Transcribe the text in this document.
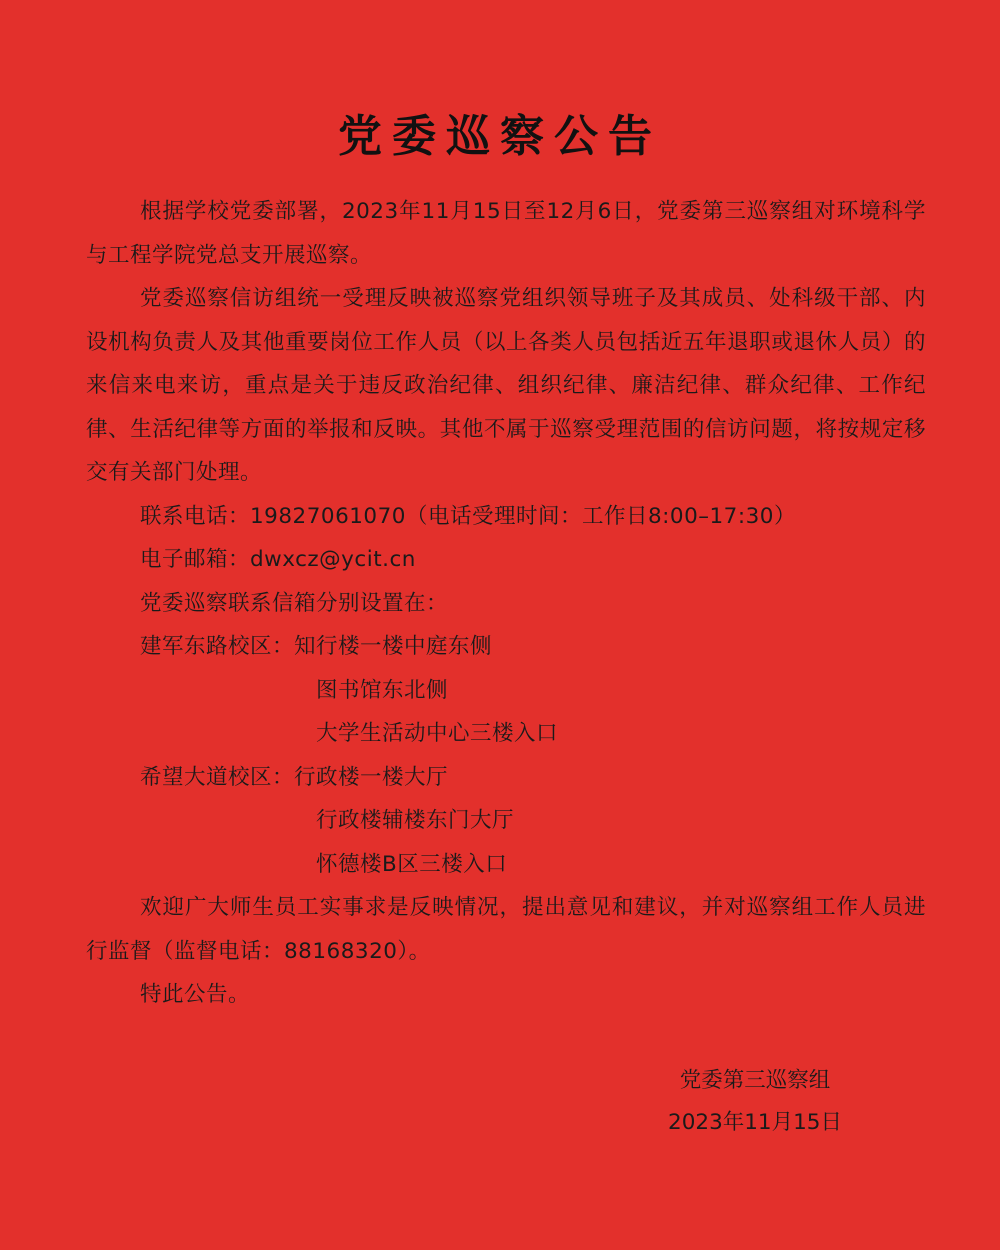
党委巡察公告

根据学校党委部署，2023年11月15日至12月6日，党委第三巡察组对环境科学与工程学院党总支开展巡察。

党委巡察信访组统一受理反映被巡察党组织领导班子及其成员、处科级干部、内设机构负责人及其他重要岗位工作人员（以上各类人员包括近五年退职或退休人员）的来信来电来访，重点是关于违反政治纪律、组织纪律、廉洁纪律、群众纪律、工作纪律、生活纪律等方面的举报和反映。其他不属于巡察受理范围的信访问题，将按规定移交有关部门处理。

联系电话：19827061070（电话受理时间：工作日8:00–17:30）

电子邮箱：dwxcz@ycit.cn

党委巡察联系信箱分别设置在：

建军东路校区： 知行楼一楼中庭东侧
图书馆东北侧
大学生活动中心三楼入口
希望大道校区： 行政楼一楼大厅
行政楼辅楼东门大厅
怀德楼B区三楼入口

欢迎广大师生员工实事求是反映情况，提出意见和建议，并对巡察组工作人员进行监督（监督电话：88168320）。

特此公告。

党委第三巡察组
2023年11月15日
